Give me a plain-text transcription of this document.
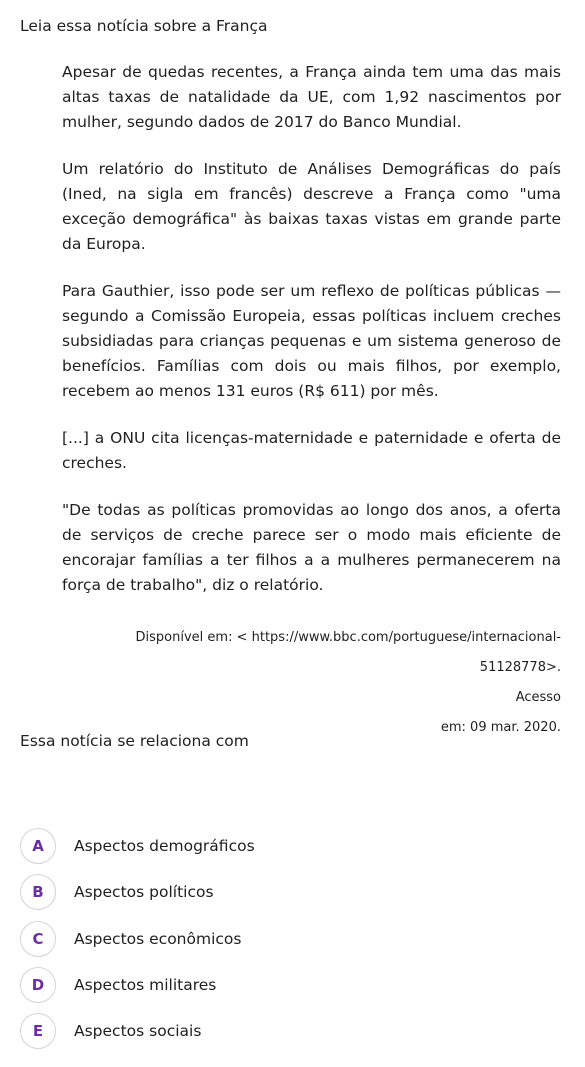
Leia essa notícia sobre a França

Apesar de quedas recentes, a França ainda tem uma das mais altas taxas de natalidade da UE, com 1,92 nascimentos por mulher, segundo dados de 2017 do Banco Mundial.

Um relatório do Instituto de Análises Demográficas do país (Ined, na sigla em francês) descreve a França como "uma exceção demográfica" às baixas taxas vistas em grande parte da Europa.

Para Gauthier, isso pode ser um reflexo de políticas públicas — segundo a Comissão Europeia, essas políticas incluem creches subsidiadas para crianças pequenas e um sistema generoso de benefícios. Famílias com dois ou mais filhos, por exemplo, recebem ao menos 131 euros (R$ 611) por mês.

[...] a ONU cita licenças-maternidade e paternidade e oferta de creches.

"De todas as políticas promovidas ao longo dos anos, a oferta de serviços de creche parece ser o modo mais eficiente de encorajar famílias a ter filhos a a mulheres permanecerem na força de trabalho", diz o relatório.

Disponível em: < https://www.bbc.com/portuguese/internacional-51128778>.
Acesso
em: 09 mar. 2020.

Essa notícia se relaciona com

A	Aspectos demográficos
B	Aspectos políticos
C	Aspectos econômicos
D	Aspectos militares
E	Aspectos sociais
